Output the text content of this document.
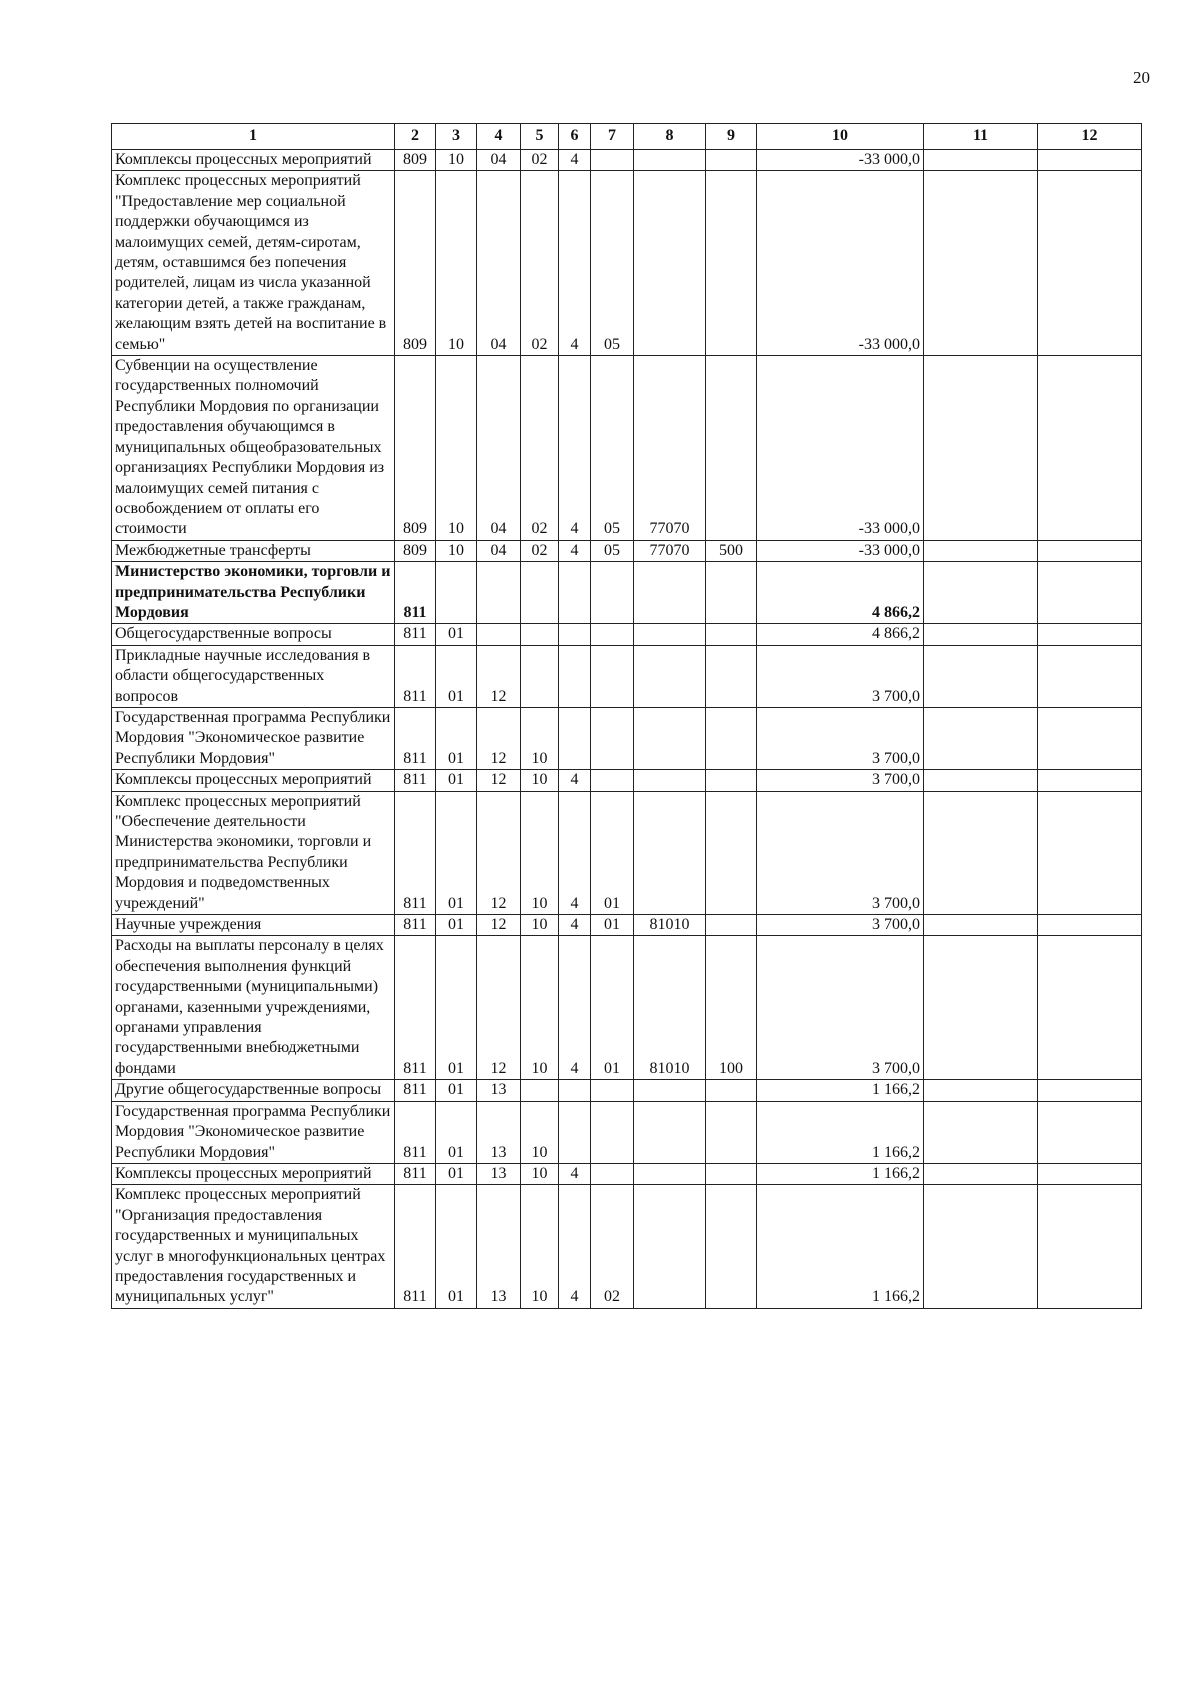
20
1	2	3	4	5	6	7	8	9	10	11	12
Комплексы процессных мероприятий	809	10	04	02	4				-33 000,0		
Комплекс процессных мероприятий "Предоставление мер социальной поддержки обучающимся из малоимущих семей, детям-сиротам, детям, оставшимся без попечения родителей, лицам из числа указанной категории детей, а также гражданам, желающим взять детей на воспитание в семью"	809	10	04	02	4	05			-33 000,0		
Субвенции на осуществление государственных полномочий Республики Мордовия по организации предоставления обучающимся в муниципальных общеобразовательных организациях Республики Мордовия из малоимущих семей питания с освобождением от оплаты его стоимости	809	10	04	02	4	05	77070		-33 000,0		
Межбюджетные трансферты	809	10	04	02	4	05	77070	500	-33 000,0		
Министерство экономики, торговли и предпринимательства Республики Мордовия	811								4 866,2		
Общегосударственные вопросы	811	01							4 866,2		
Прикладные научные исследования в области общегосударственных вопросов	811	01	12						3 700,0		
Государственная программа Республики Мордовия "Экономическое развитие Республики Мордовия"	811	01	12	10					3 700,0		
Комплексы процессных мероприятий	811	01	12	10	4				3 700,0		
Комплекс процессных мероприятий "Обеспечение деятельности Министерства экономики, торговли и предпринимательства Республики Мордовия и подведомственных учреждений"	811	01	12	10	4	01			3 700,0		
Научные учреждения	811	01	12	10	4	01	81010		3 700,0		
Расходы на выплаты персоналу в целях обеспечения выполнения функций государственными (муниципальными) органами, казенными учреждениями, органами управления государственными внебюджетными фондами	811	01	12	10	4	01	81010	100	3 700,0		
Другие общегосударственные вопросы	811	01	13						1 166,2		
Государственная программа Республики Мордовия "Экономическое развитие Республики Мордовия"	811	01	13	10					1 166,2		
Комплексы процессных мероприятий	811	01	13	10	4				1 166,2		
Комплекс процессных мероприятий "Организация предоставления государственных и муниципальных услуг в многофункциональных центрах предоставления государственных и муниципальных услуг"	811	01	13	10	4	02			1 166,2		
